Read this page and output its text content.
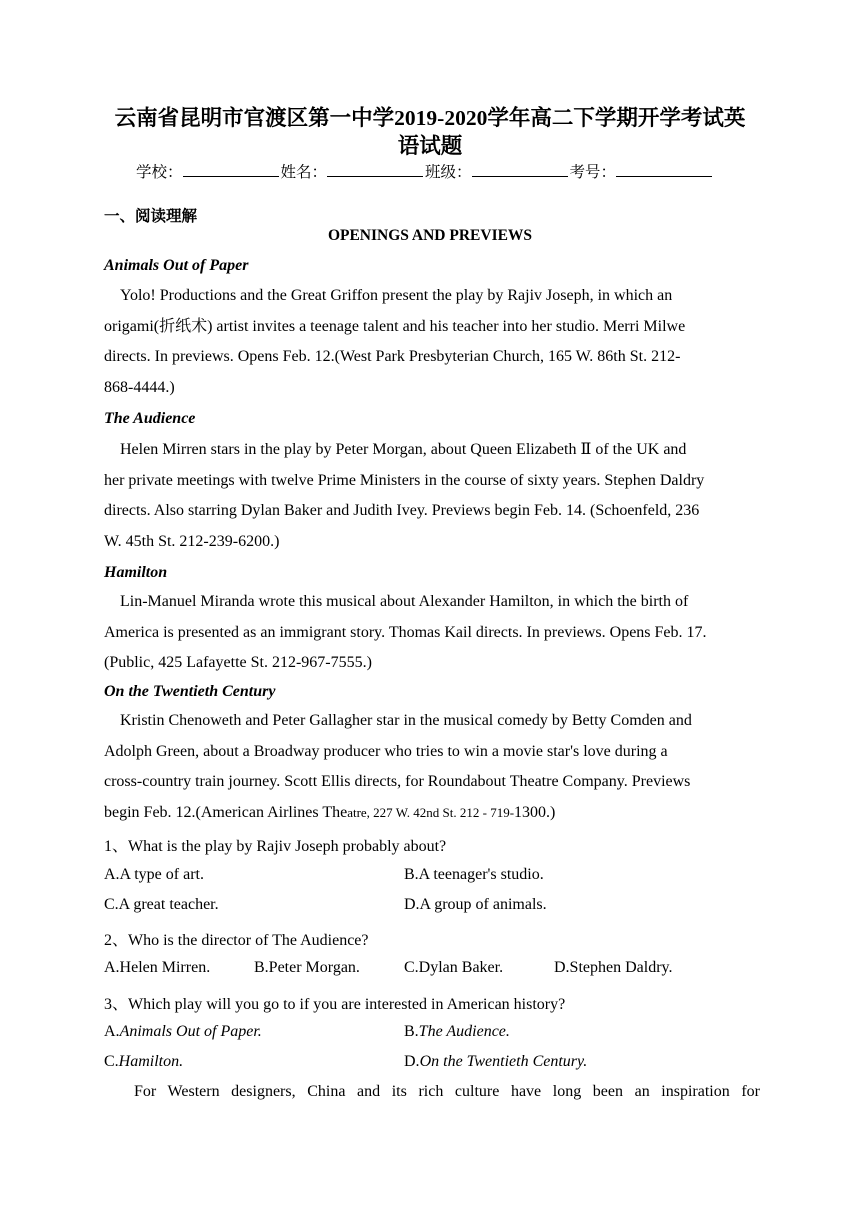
云南省昆明市官渡区第一中学2019-2020学年高二下学期开学考试英
语试题
学校：	姓名：	班级：	考号：
一、阅读理解
OPENINGS AND PREVIEWS
Animals Out of Paper
Yolo! Productions and the Great Griffon present the play by Rajiv Joseph, in which an
origami(折纸术) artist invites a teenage talent and his teacher into her studio. Merri Milwe
directs. In previews. Opens Feb. 12.(West Park Presbyterian Church, 165 W. 86th St. 212-
868-4444.)
The Audience
Helen Mirren stars in the play by Peter Morgan, about Queen Elizabeth Ⅱ of the UK and
her private meetings with twelve Prime Ministers in the course of sixty years. Stephen Daldry
directs. Also starring Dylan Baker and Judith Ivey. Previews begin Feb. 14. (Schoenfeld, 236
W. 45th St. 212-239-6200.)
Hamilton
Lin-Manuel Miranda wrote this musical about Alexander Hamilton, in which the birth of
America is presented as an immigrant story. Thomas Kail directs. In previews. Opens Feb. 17.
(Public, 425 Lafayette St. 212-967-7555.)
On the Twentieth Century
Kristin Chenoweth and Peter Gallagher star in the musical comedy by Betty Comden and
Adolph Green, about a Broadway producer who tries to win a movie star's love during a
cross-country train journey. Scott Ellis directs, for Roundabout Theatre Company. Previews
begin Feb. 12.(American Airlines Theatre, 227 W. 42nd St. 212 - 719-1300.)
1、What is the play by Rajiv Joseph probably about?
A.A type of art.	B.A teenager's studio.
C.A great teacher.	D.A group of animals.
2、Who is the director of The Audience?
A.Helen Mirren.	B.Peter Morgan.	C.Dylan Baker.	D.Stephen Daldry.
3、Which play will you go to if you are interested in American history?
A.Animals Out of Paper.	B.The Audience.
C.Hamilton.	D.On the Twentieth Century.
For Western designers, China and its rich culture have long been an inspiration for
